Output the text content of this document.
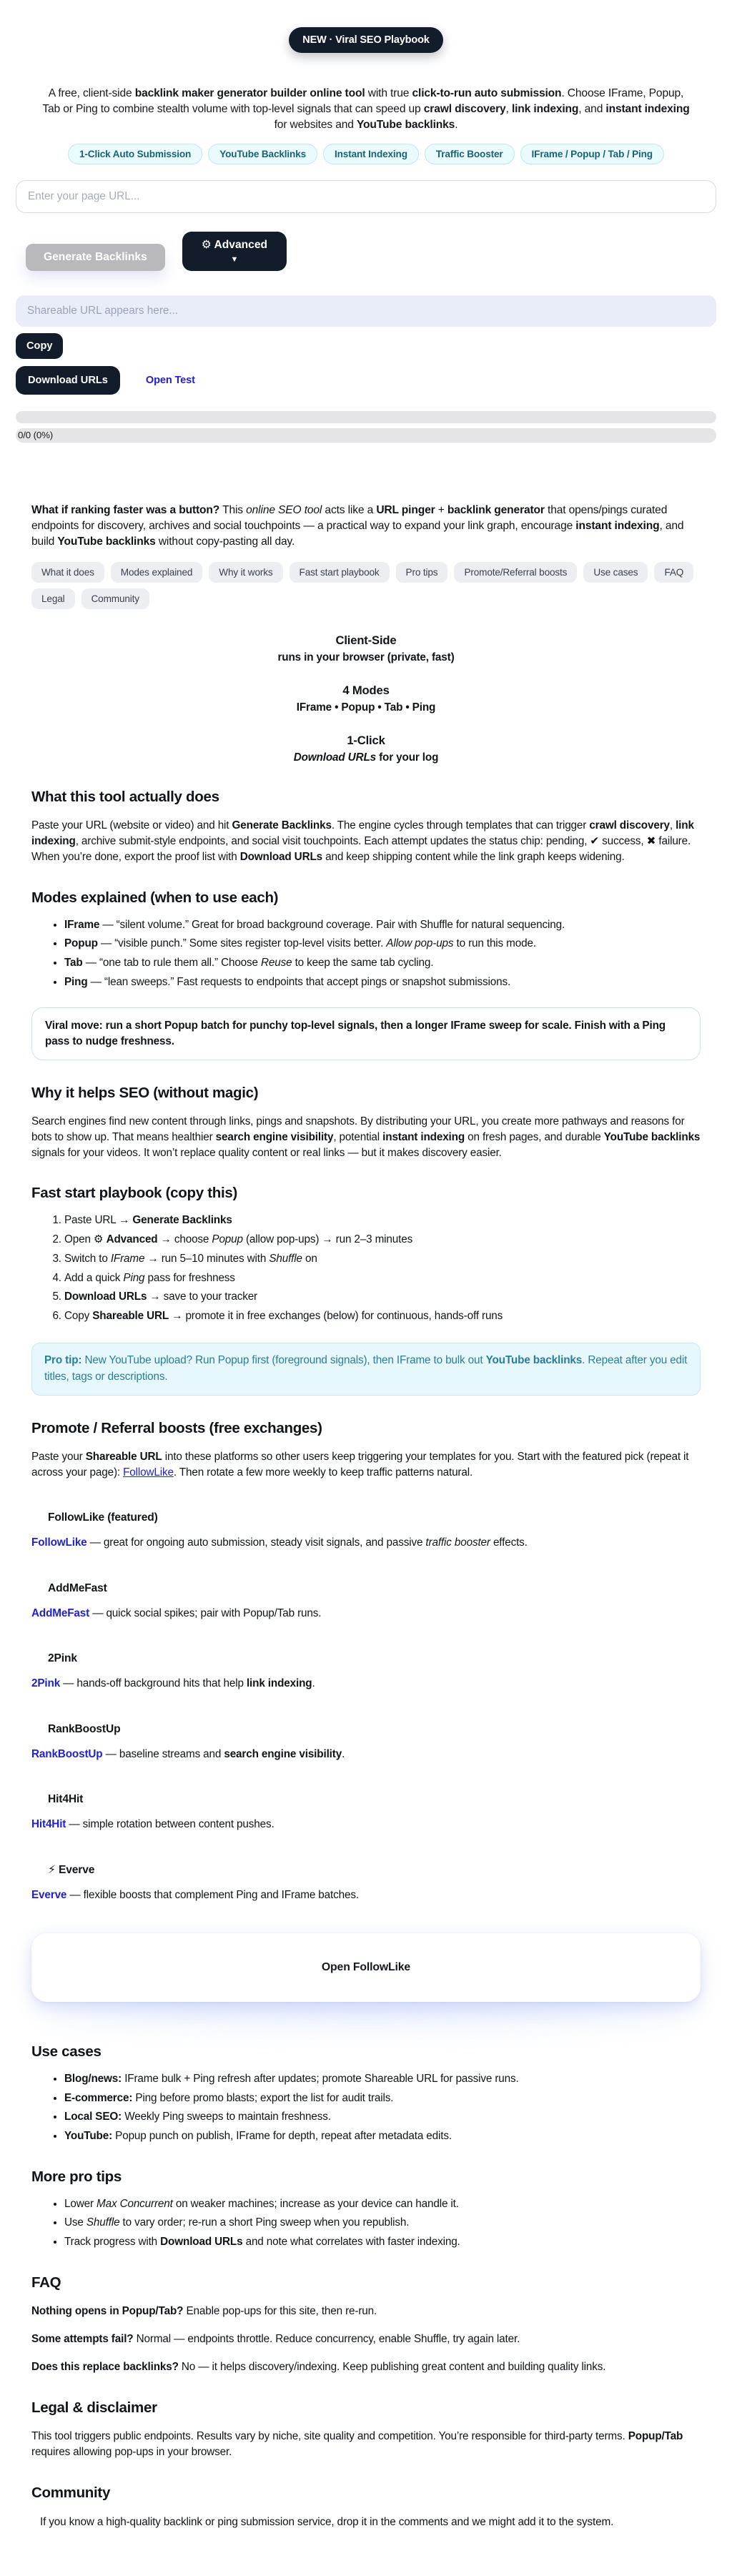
NEW · Viral SEO Playbook

A free, client-side backlink maker generator builder online tool with true click-to-run auto submission. Choose IFrame, Popup, Tab or Ping to combine stealth volume with top-level signals that can speed up crawl discovery, link indexing, and instant indexing for websites and YouTube backlinks.

1-Click Auto Submission	YouTube Backlinks	Instant Indexing	Traffic Booster	IFrame / Popup / Tab / Ping
Enter your page URL...
Generate Backlinks
⚙ Advanced
▼
Shareable URL appears here...
Copy
Download URLs	Open Test
0/0 (0%)

What if ranking faster was a button? This online SEO tool acts like a URL pinger + backlink generator that opens/pings curated endpoints for discovery, archives and social touchpoints — a practical way to expand your link graph, encourage instant indexing, and build YouTube backlinks without copy-pasting all day.

What it does	Modes explained	Why it works	Fast start playbook	Pro tips	Promote/Referral boosts	Use cases	FAQ
Legal	Community
Client-Side
runs in your browser (private, fast)
4 Modes
IFrame • Popup • Tab • Ping
1-Click
Download URLs for your log
What this tool actually does

Paste your URL (website or video) and hit Generate Backlinks. The engine cycles through templates that can trigger crawl discovery, link indexing, archive submit-style endpoints, and social visit touchpoints. Each attempt updates the status chip: pending, ✔ success, ✖ failure. When you’re done, export the proof list with Download URLs and keep shipping content while the link graph keeps widening.

Modes explained (when to use each)
• IFrame — “silent volume.” Great for broad background coverage. Pair with Shuffle for natural sequencing.
• Popup — “visible punch.” Some sites register top-level visits better. Allow pop-ups to run this mode.
• Tab — “one tab to rule them all.” Choose Reuse to keep the same tab cycling.
• Ping — “lean sweeps.” Fast requests to endpoints that accept pings or snapshot submissions.
Viral move: run a short Popup batch for punchy top-level signals, then a longer IFrame sweep for scale. Finish with a Ping pass to nudge freshness.
Why it helps SEO (without magic)

Search engines find new content through links, pings and snapshots. By distributing your URL, you create more pathways and reasons for bots to show up. That means healthier search engine visibility, potential instant indexing on fresh pages, and durable YouTube backlinks signals for your videos. It won’t replace quality content or real links — but it makes discovery easier.

Fast start playbook (copy this)
1. Paste URL → Generate Backlinks
2. Open ⚙ Advanced → choose Popup (allow pop-ups) → run 2–3 minutes
3. Switch to IFrame → run 5–10 minutes with Shuffle on
4. Add a quick Ping pass for freshness
5. Download URLs → save to your tracker
6. Copy Shareable URL → promote it in free exchanges (below) for continuous, hands-off runs
Pro tip: New YouTube upload? Run Popup first (foreground signals), then IFrame to bulk out YouTube backlinks. Repeat after you edit titles, tags or descriptions.
Promote / Referral boosts (free exchanges)

Paste your Shareable URL into these platforms so other users keep triggering your templates for you. Start with the featured pick (repeat it across your page): FollowLike. Then rotate a few more weekly to keep traffic patterns natural.

FollowLike (featured)

FollowLike — great for ongoing auto submission, steady visit signals, and passive traffic booster effects.

AddMeFast

AddMeFast — quick social spikes; pair with Popup/Tab runs.

2Pink

2Pink — hands-off background hits that help link indexing.

RankBoostUp

RankBoostUp — baseline streams and search engine visibility.

Hit4Hit

Hit4Hit — simple rotation between content pushes.

⚡ Everve

Everve — flexible boosts that complement Ping and IFrame batches.

Open FollowLike
Use cases
• Blog/news: IFrame bulk + Ping refresh after updates; promote Shareable URL for passive runs.
• E-commerce: Ping before promo blasts; export the list for audit trails.
• Local SEO: Weekly Ping sweeps to maintain freshness.
• YouTube: Popup punch on publish, IFrame for depth, repeat after metadata edits.
More pro tips
• Lower Max Concurrent on weaker machines; increase as your device can handle it.
• Use Shuffle to vary order; re-run a short Ping sweep when you republish.
• Track progress with Download URLs and note what correlates with faster indexing.
FAQ

Nothing opens in Popup/Tab? Enable pop-ups for this site, then re-run.

Some attempts fail? Normal — endpoints throttle. Reduce concurrency, enable Shuffle, try again later.

Does this replace backlinks? No — it helps discovery/indexing. Keep publishing great content and building quality links.

Legal & disclaimer

This tool triggers public endpoints. Results vary by niche, site quality and competition. You’re responsible for third-party terms. Popup/Tab requires allowing pop-ups in your browser.

Community

If you know a high-quality backlink or ping submission service, drop it in the comments and we might add it to the system.
